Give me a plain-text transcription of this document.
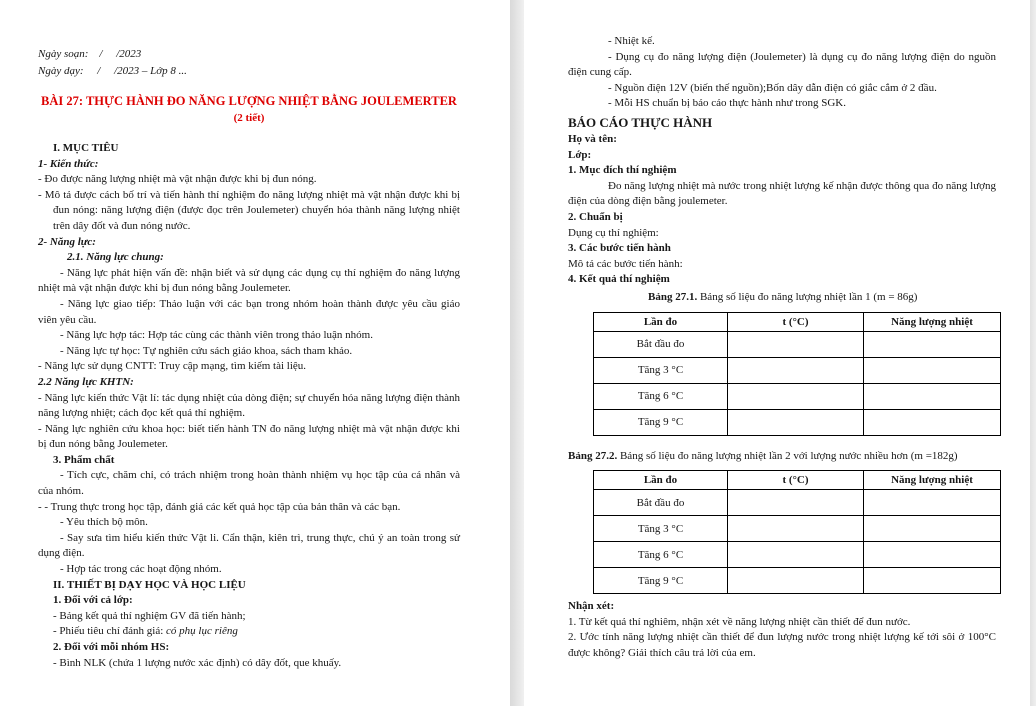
Ngày soạn:    /     /2023

Ngày dạy:     /     /2023 – Lớp 8 ...

BÀI 27: THỰC HÀNH ĐO NĂNG LƯỢNG NHIỆT BẰNG JOULEMERTER

(2 tiết)

I. MỤC TIÊU

1- Kiến thức:

- Đo được năng lượng nhiệt mà vật nhận được khi bị đun nóng.

- Mô tả được cách bố trí và tiến hành thí nghiệm đo năng lượng nhiệt mà vật nhận được khi bị đun nóng: năng lượng điện (được đọc trên Joulemeter) chuyển hóa thành năng lượng nhiệt trên dây đốt và đun nóng nước.

2- Năng lực:

2.1. Năng lực chung:

- Năng lực phát hiện vấn đề: nhận biết và sử dụng các dụng cụ thí nghiệm đo năng lượng nhiệt mà vật nhận được khi bị đun nóng bằng Joulemeter.

- Năng lực giao tiếp: Thảo luận với các bạn trong nhóm hoàn thành được yêu cầu giáo viên yêu cầu.

- Năng lực hợp tác: Hợp tác cùng các thành viên trong thảo luận nhóm.

- Năng lực tự học: Tự nghiên cứu sách giáo khoa, sách tham khảo.

- Năng lực sử dụng CNTT: Truy cập mạng, tìm kiếm tài liệu.

2.2 Năng lực KHTN:

- Năng lực kiến thức Vật lí: tác dụng nhiệt của dòng điện; sự chuyển hóa năng lượng điện thành năng lượng nhiệt; cách đọc kết quả thí nghiệm.

- Năng lực nghiên cứu khoa học: biết tiến hành TN đo năng lượng nhiệt mà vật nhận được khi bị đun nóng bằng Joulemeter.

3. Phẩm chất

- Tích cực, chăm chỉ, có trách nhiệm trong hoàn thành nhiệm vụ học tập của cá nhân và của nhóm.

- - Trung thực trong học tập, đánh giá các kết quả học tập của bản thân và các bạn.

- Yêu thích bộ môn.

- Say sưa tìm hiểu kiến thức Vật li. Cẩn thận, kiên trì, trung thực, chú ý an toàn trong sử dụng điện.

- Hợp tác trong các hoạt động nhóm.

II. THIẾT BỊ DẠY HỌC VÀ HỌC LIỆU

1. Đối với cả lớp:

- Bảng kết quả thí nghiệm GV đã tiến hành;

- Phiếu tiêu chí đánh giá: có phụ lục riêng

2. Đối với mỗi nhóm HS:

- Bình NLK (chứa 1 lượng nước xác định) có dây đốt, que khuấy.

- Nhiệt kế.

- Dụng cụ đo năng lượng điện (Joulemeter) là dụng cụ đo năng lượng điện do nguồn điện cung cấp.

- Nguồn điện 12V (biến thế nguồn);Bốn dây dẫn điện có giắc cắm ở 2 đầu.

- Mỗi HS chuẩn bị báo cáo thực hành như trong SGK.

BÁO CÁO THỰC HÀNH

Họ và tên:

Lớp:

1. Mục đích thí nghiệm

Đo năng lượng nhiệt mà nước trong nhiệt lượng kế nhận được thông qua đo năng lượng điện của dòng điện bằng joulemeter.

2. Chuẩn bị

Dụng cụ thí nghiệm:

3. Các bước tiến hành

Mô tả các bước tiến hành:

4. Kết quả thí nghiệm

Bảng 27.1. Bảng số liệu đo năng lượng nhiệt lần 1 (m = 86g)

Lần đo	t (°C)	Năng lượng nhiệt
Bắt đầu đo		
Tăng 3 °C		
Tăng 6 °C		
Tăng 9 °C		

Bảng 27.2. Bảng số liệu đo năng lượng nhiệt lần 2 với lượng nước nhiều hơn (m =182g)

Lần đo	t (°C)	Năng lượng nhiệt
Bắt đầu đo		
Tăng 3 °C		
Tăng 6 °C		
Tăng 9 °C		

Nhận xét:

1. Từ kết quả thí nghiêm, nhận xét về năng lượng nhiệt cần thiết để đun nước.

2. Ước tính năng lượng nhiệt cần thiết để đun lượng nước trong nhiệt lượng kế tới sôi ở 100°C được không? Giải thích câu trả lời của em.
